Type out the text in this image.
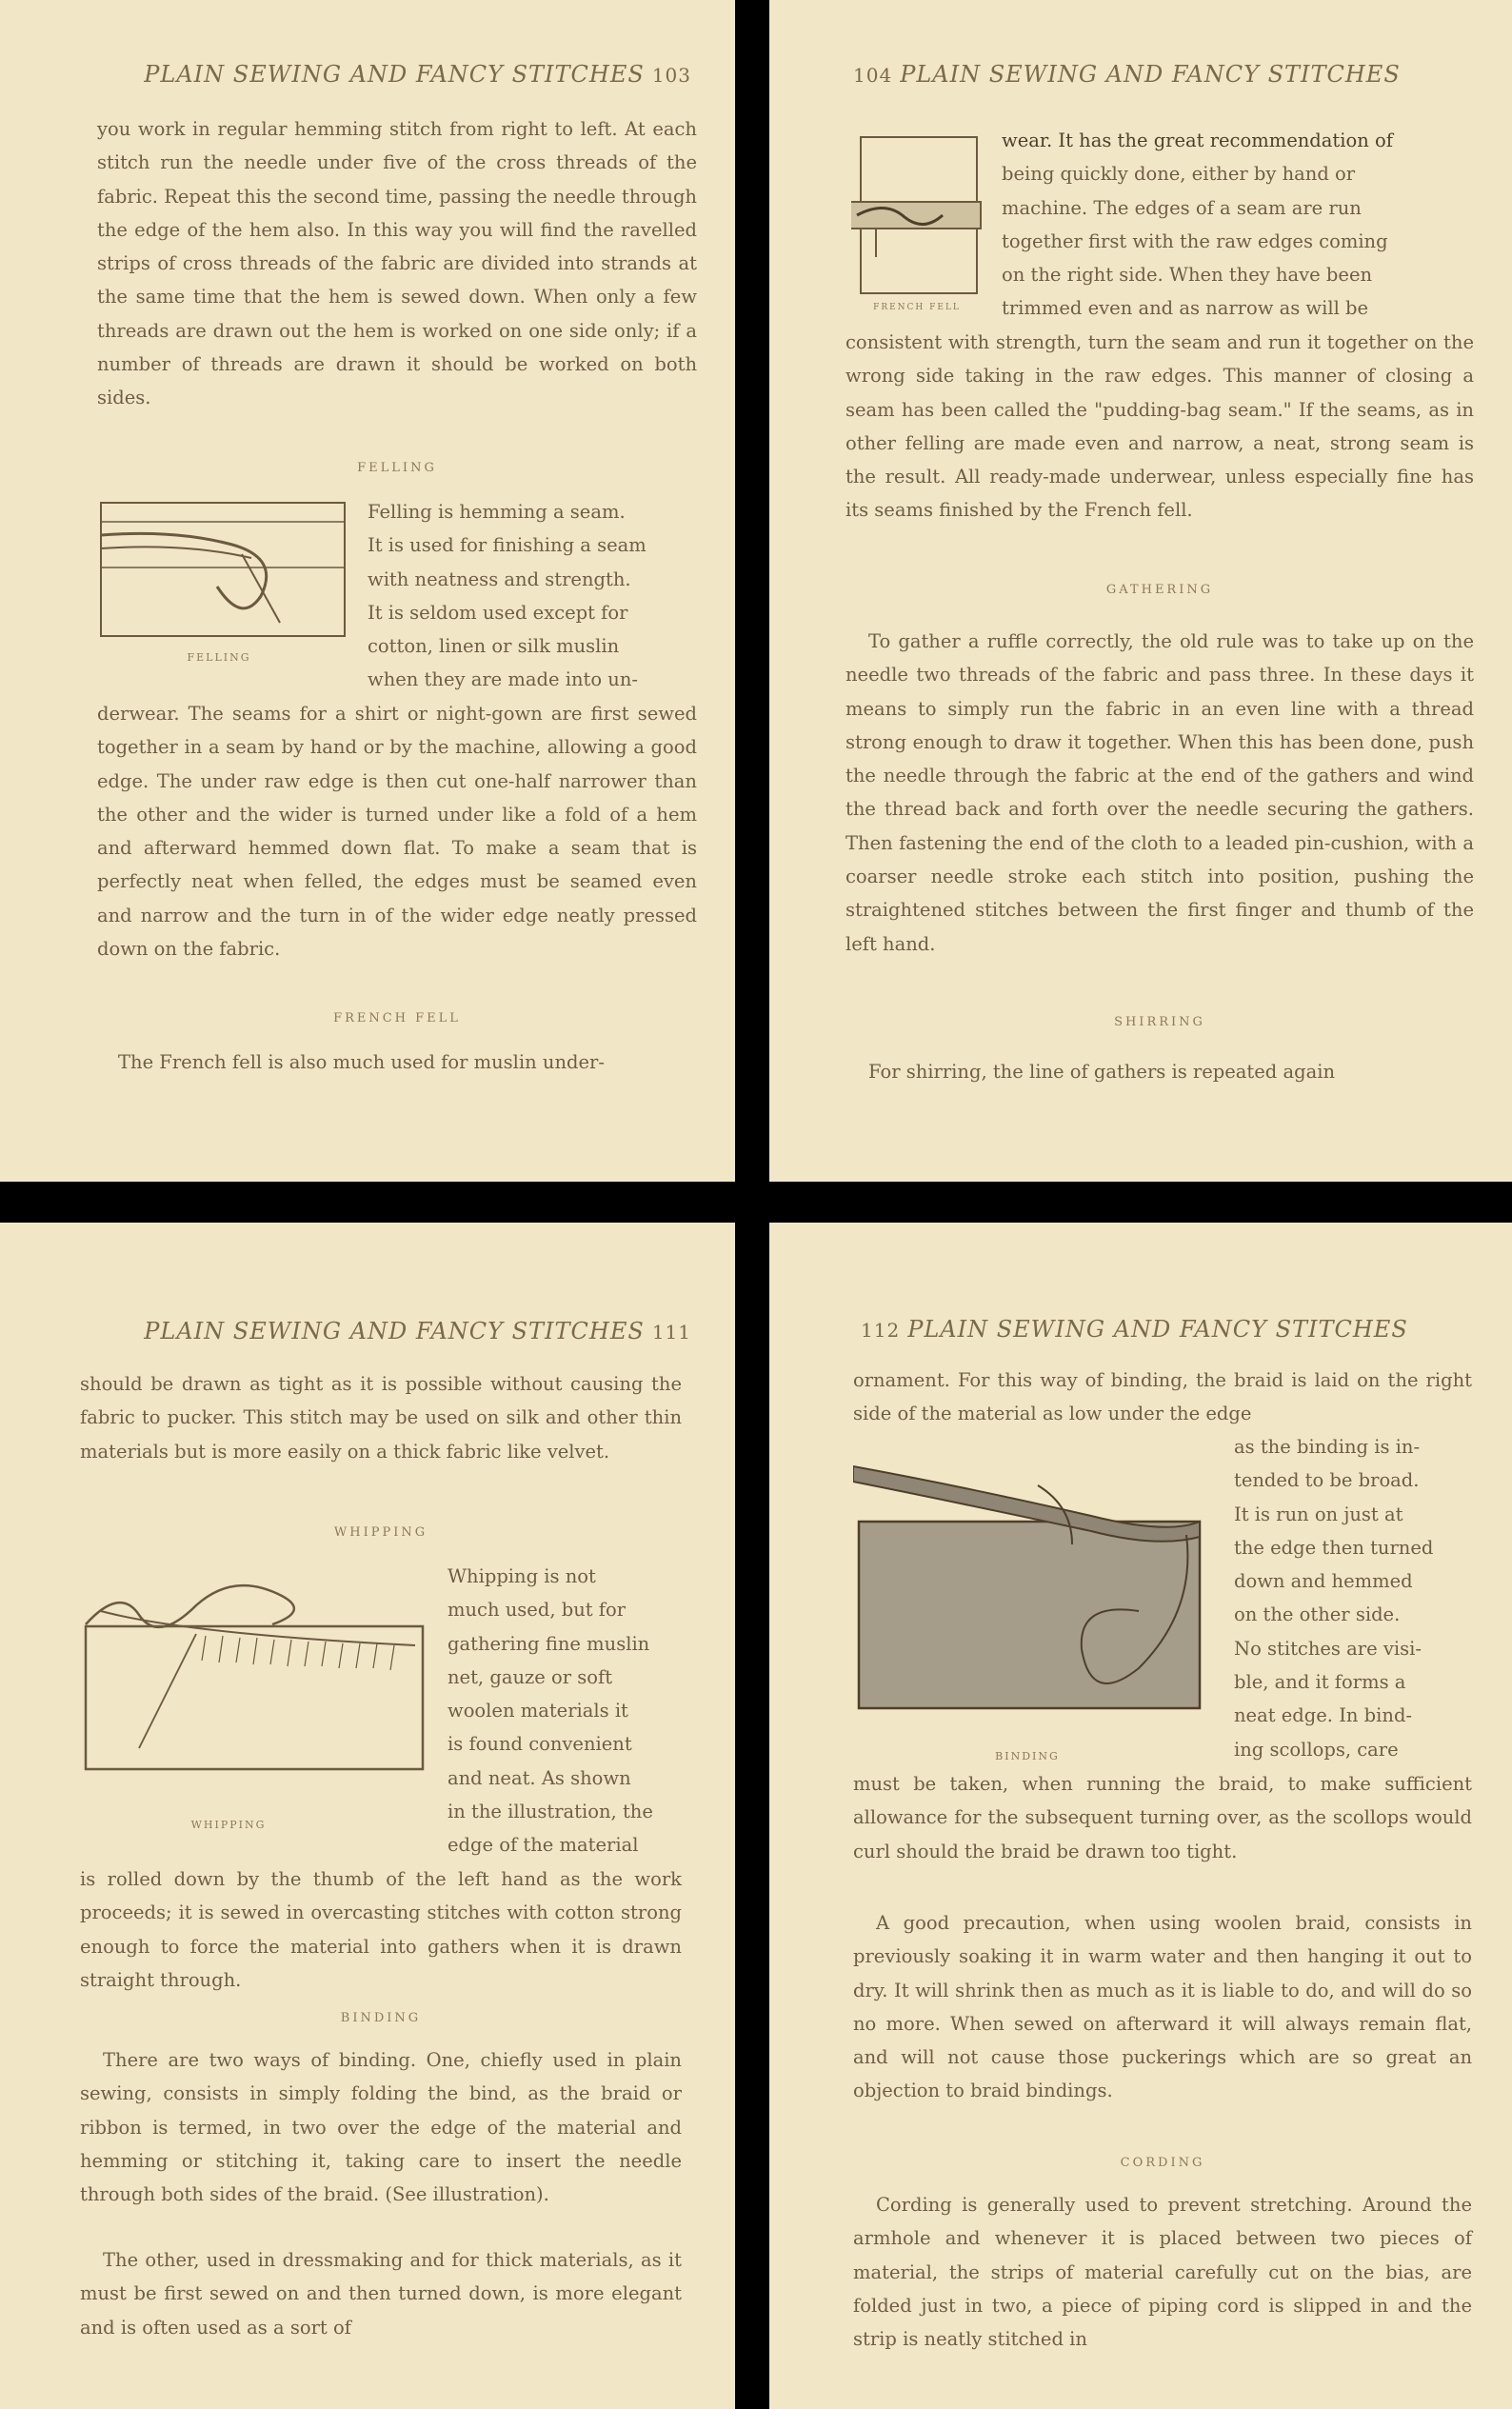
PLAIN SEWING AND FANCY STITCHES 103
you work in regular hemming stitch from right to left. At each stitch run the needle under five of the cross threads of the fabric. Repeat this the second time, passing the needle through the edge of the hem also. In this way you will find the ravelled strips of cross threads of the fabric are divided into strands at the same time that the hem is sewed down. When only a few threads are drawn out the hem is worked on one side only; if a number of threads are drawn it should be worked on both sides.
FELLING
FELLING
Felling is hemming a seam.
It is used for finishing a seam
with neatness and strength.
It is seldom used except for
cotton, linen or silk muslin
when they are made into un-
derwear. The seams for a shirt or night-gown are first sewed together in a seam by hand or by the machine, allowing a good edge. The under raw edge is then cut one-half narrower than the other and the wider is turned under like a fold of a hem and afterward hemmed down flat. To make a seam that is perfectly neat when felled, the edges must be seamed even and narrow and the turn in of the wider edge neatly pressed down on the fabric.
FRENCH FELL
The French fell is also much used for muslin under-
104 PLAIN SEWING AND FANCY STITCHES
FRENCH FELL
wear. It has the great recommendation of
being quickly done, either by hand or
machine. The edges of a seam are run
together first with the raw edges coming
on the right side. When they have been
trimmed even and as narrow as will be
consistent with strength, turn the seam and run it together on the wrong side taking in the raw edges. This manner of closing a seam has been called the "pudding-bag seam." If the seams, as in other felling are made even and narrow, a neat, strong seam is the result. All ready-made underwear, unless especially fine has its seams finished by the French fell.
GATHERING
To gather a ruffle correctly, the old rule was to take up on the needle two threads of the fabric and pass three. In these days it means to simply run the fabric in an even line with a thread strong enough to draw it together. When this has been done, push the needle through the fabric at the end of the gathers and wind the thread back and forth over the needle securing the gathers. Then fastening the end of the cloth to a leaded pin-cushion, with a coarser needle stroke each stitch into position, pushing the straightened stitches between the first finger and thumb of the left hand.
SHIRRING
For shirring, the line of gathers is repeated again
PLAIN SEWING AND FANCY STITCHES 111
should be drawn as tight as it is possible without causing the fabric to pucker. This stitch may be used on silk and other thin materials but is more easily on a thick fabric like velvet.
WHIPPING
WHIPPING
Whipping is not
much used, but for
gathering fine muslin
net, gauze or soft
woolen materials it
is found convenient
and neat. As shown
in the illustration, the
edge of the material
is rolled down by the thumb of the left hand as the work proceeds; it is sewed in overcasting stitches with cotton strong enough to force the material into gathers when it is drawn straight through.
BINDING
There are two ways of binding. One, chiefly used in plain sewing, consists in simply folding the bind, as the braid or ribbon is termed, in two over the edge of the material and hemming or stitching it, taking care to insert the needle through both sides of the braid. (See illustration).
The other, used in dressmaking and for thick materials, as it must be first sewed on and then turned down, is more elegant and is often used as a sort of
112 PLAIN SEWING AND FANCY STITCHES
ornament. For this way of binding, the braid is laid on the right side of the material as low under the edge
BINDING
as the binding is in-
tended to be broad.
It is run on just at
the edge then turned
down and hemmed
on the other side.
No stitches are visi-
ble, and it forms a
neat edge. In bind-
ing scollops, care
must be taken, when running the braid, to make sufficient allowance for the subsequent turning over, as the scollops would curl should the braid be drawn too tight.
A good precaution, when using woolen braid, consists in previously soaking it in warm water and then hanging it out to dry. It will shrink then as much as it is liable to do, and will do so no more. When sewed on afterward it will always remain flat, and will not cause those puckerings which are so great an objection to braid bindings.
CORDING
Cording is generally used to prevent stretching. Around the armhole and whenever it is placed between two pieces of material, the strips of material carefully cut on the bias, are folded just in two, a piece of piping cord is slipped in and the strip is neatly stitched in
